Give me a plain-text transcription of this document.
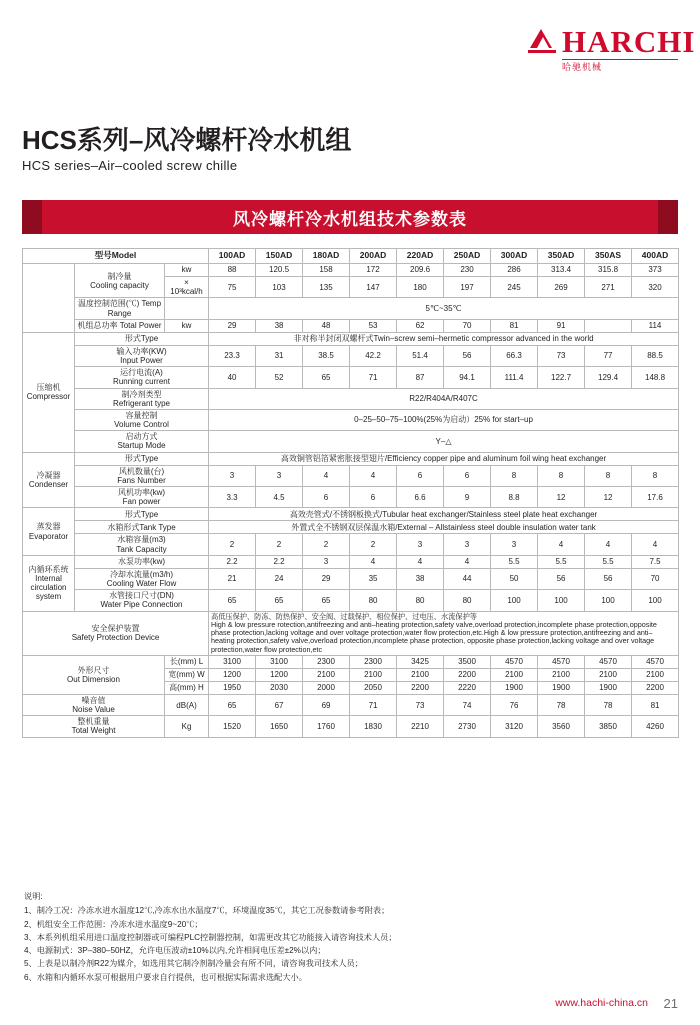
HARCHI
哈驰机械
HCS系列–风冷螺杆冷水机组
HCS series–Air–cooled screw chille
风冷螺杆冷水机组技术参数表
型号Model			100AD	150AD	180AD	200AD	220AD	250AD	300AD	350AD	350AS	400AD
	制冷量
Cooling capacity	kw	88	120.5	158	172	209.6	230	286	313.4	315.8	373
		× 10³kcal/h	75	103	135	147	180	197	245	269	271	320
	温度控制范围(℃) Temp Range		5℃~35℃									
	机组总功率 Total Power	kw	29	38	48	53	62	70	81	91		114
压缩机
Compressor	形式Type		非对称半封闭双螺杆式Twin–screw semi–hermetic compressor advanced in the world									
	输入功率(KW)
Input Power		23.3	31	38.5	42.2	51.4	56	66.3	73	77	88.5
	运行电流(A)
Running current		40	52	65	71	87	94.1	111.4	122.7	129.4	148.8
	制冷剂类型
Refrigerant type		R22/R404A/R407C									
	容量控制
Volume Control		0–25–50–75–100%(25%为启动）25% for start–up									
	启动方式
Startup Mode		Y–△									
冷凝器
Condenser	形式Type		高效铜管铝箔紧密胀接型翅片/Efficiency copper pipe and aluminum foil wing heat exchanger									
	风机数量(台)
Fans Number		3	3	4	4	6	6	8	8	8	8
	风机功率(kw)
Fan power		3.3	4.5	6	6	6.6	9	8.8	12	12	17.6
蒸发器
Evaporator	形式Type		高效壳管式/不锈钢板换式/Tubular heat exchanger/Stainless steel plate heat exchanger									
	水箱形式Tank Type		外置式全不锈钢双层保温水箱/External – Allstainless steel double insulation water tank									
	水箱容量(m3)
Tank Capacity		2	2	2	2	3	3	3	4	4	4
内循环系统
Internal
circulation
system	水泵功率(kw)		2.2	2.2	3	4	4	4	5.5	5.5	5.5	7.5
	冷却水流量(m3/h)
Cooling Water Flow		21	24	29	35	38	44	50	56	56	70
	水管接口尺寸(DN)
Water Pipe Connection		65	65	65	80	80	80	100	100	100	100
安全保护装置
Safety Protection Device			高低压保护、防冻、防热保护、安全阀、过载保护、相位保护、过电压、水流保护等
High & low pressure rotection,antifreezing and anti–heating protection,safety valve,overload protection,incomplete phase protection,opposite phase protection,lacking voltage and over voltage protection,water flow protection,etc.High & low pressure protection,antifreezing and anti–heating protection,safety valve,overload protection,incomplete phase protection, opposite phase protection,lacking voltage and over voltage protection,water flow protection,etc									
外形尺寸
Out Dimension		长(mm) L	3100	3100	2300	2300	3425	3500	4570	4570	4570	4570
		宽(mm) W	1200	1200	2100	2100	2100	2200	2100	2100	2100	2100
		高(mm) H	1950	2030	2000	2050	2200	2220	1900	1900	1900	2200
噪音值
Noise Value		dB(A)	65	67	69	71	73	74	76	78	78	81
整机重量
Total Weight		Kg	1520	1650	1760	1830	2210	2730	3120	3560	3850	4260
说明:
1、制冷工况：冷冻水进水温度12℃,冷冻水出水温度7℃，环境温度35℃，其它工况参数请参考附表；
2、机组安全工作范围：冷冻水进水温度9~20℃；
3、本系列机组采用进口温度控制器或可编程PLC控制器控制，如需更改其它功能接入请咨询技术人员；
4、电源制式：3P–380–50HZ，允许电压波动±10%以内,允许相间电压差±2%以内；
5、上表是以制冷剂R22为媒介，如选用其它制冷剂制冷量会有所不同，请咨询我司技术人员；
6、水箱和内循环水泵可根据用户要求自行提供，也可根据实际需求选配大小。
www.hachi-china.cn 21
